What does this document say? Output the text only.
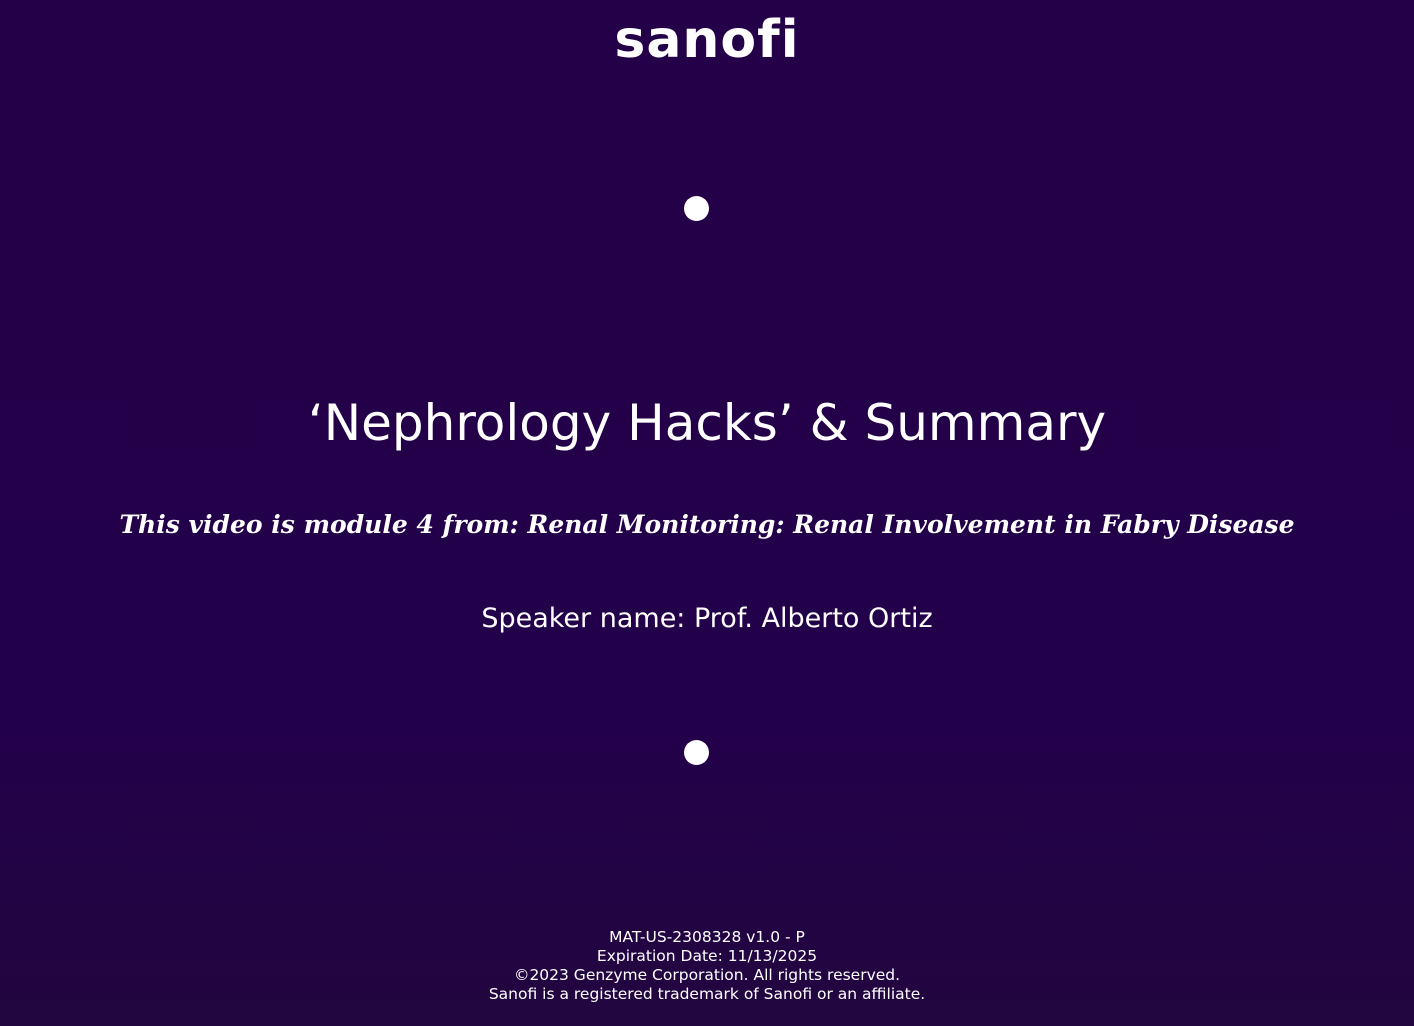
sanofi
‘Nephrology Hacks’ & Summary
This video is module 4 from: Renal Monitoring: Renal Involvement in Fabry Disease
Speaker name: Prof. Alberto Ortiz
MAT-US-2308328 v1.0 - P
Expiration Date: 11/13/2025
©2023 Genzyme Corporation. All rights reserved.
Sanofi is a registered trademark of Sanofi or an affiliate.
